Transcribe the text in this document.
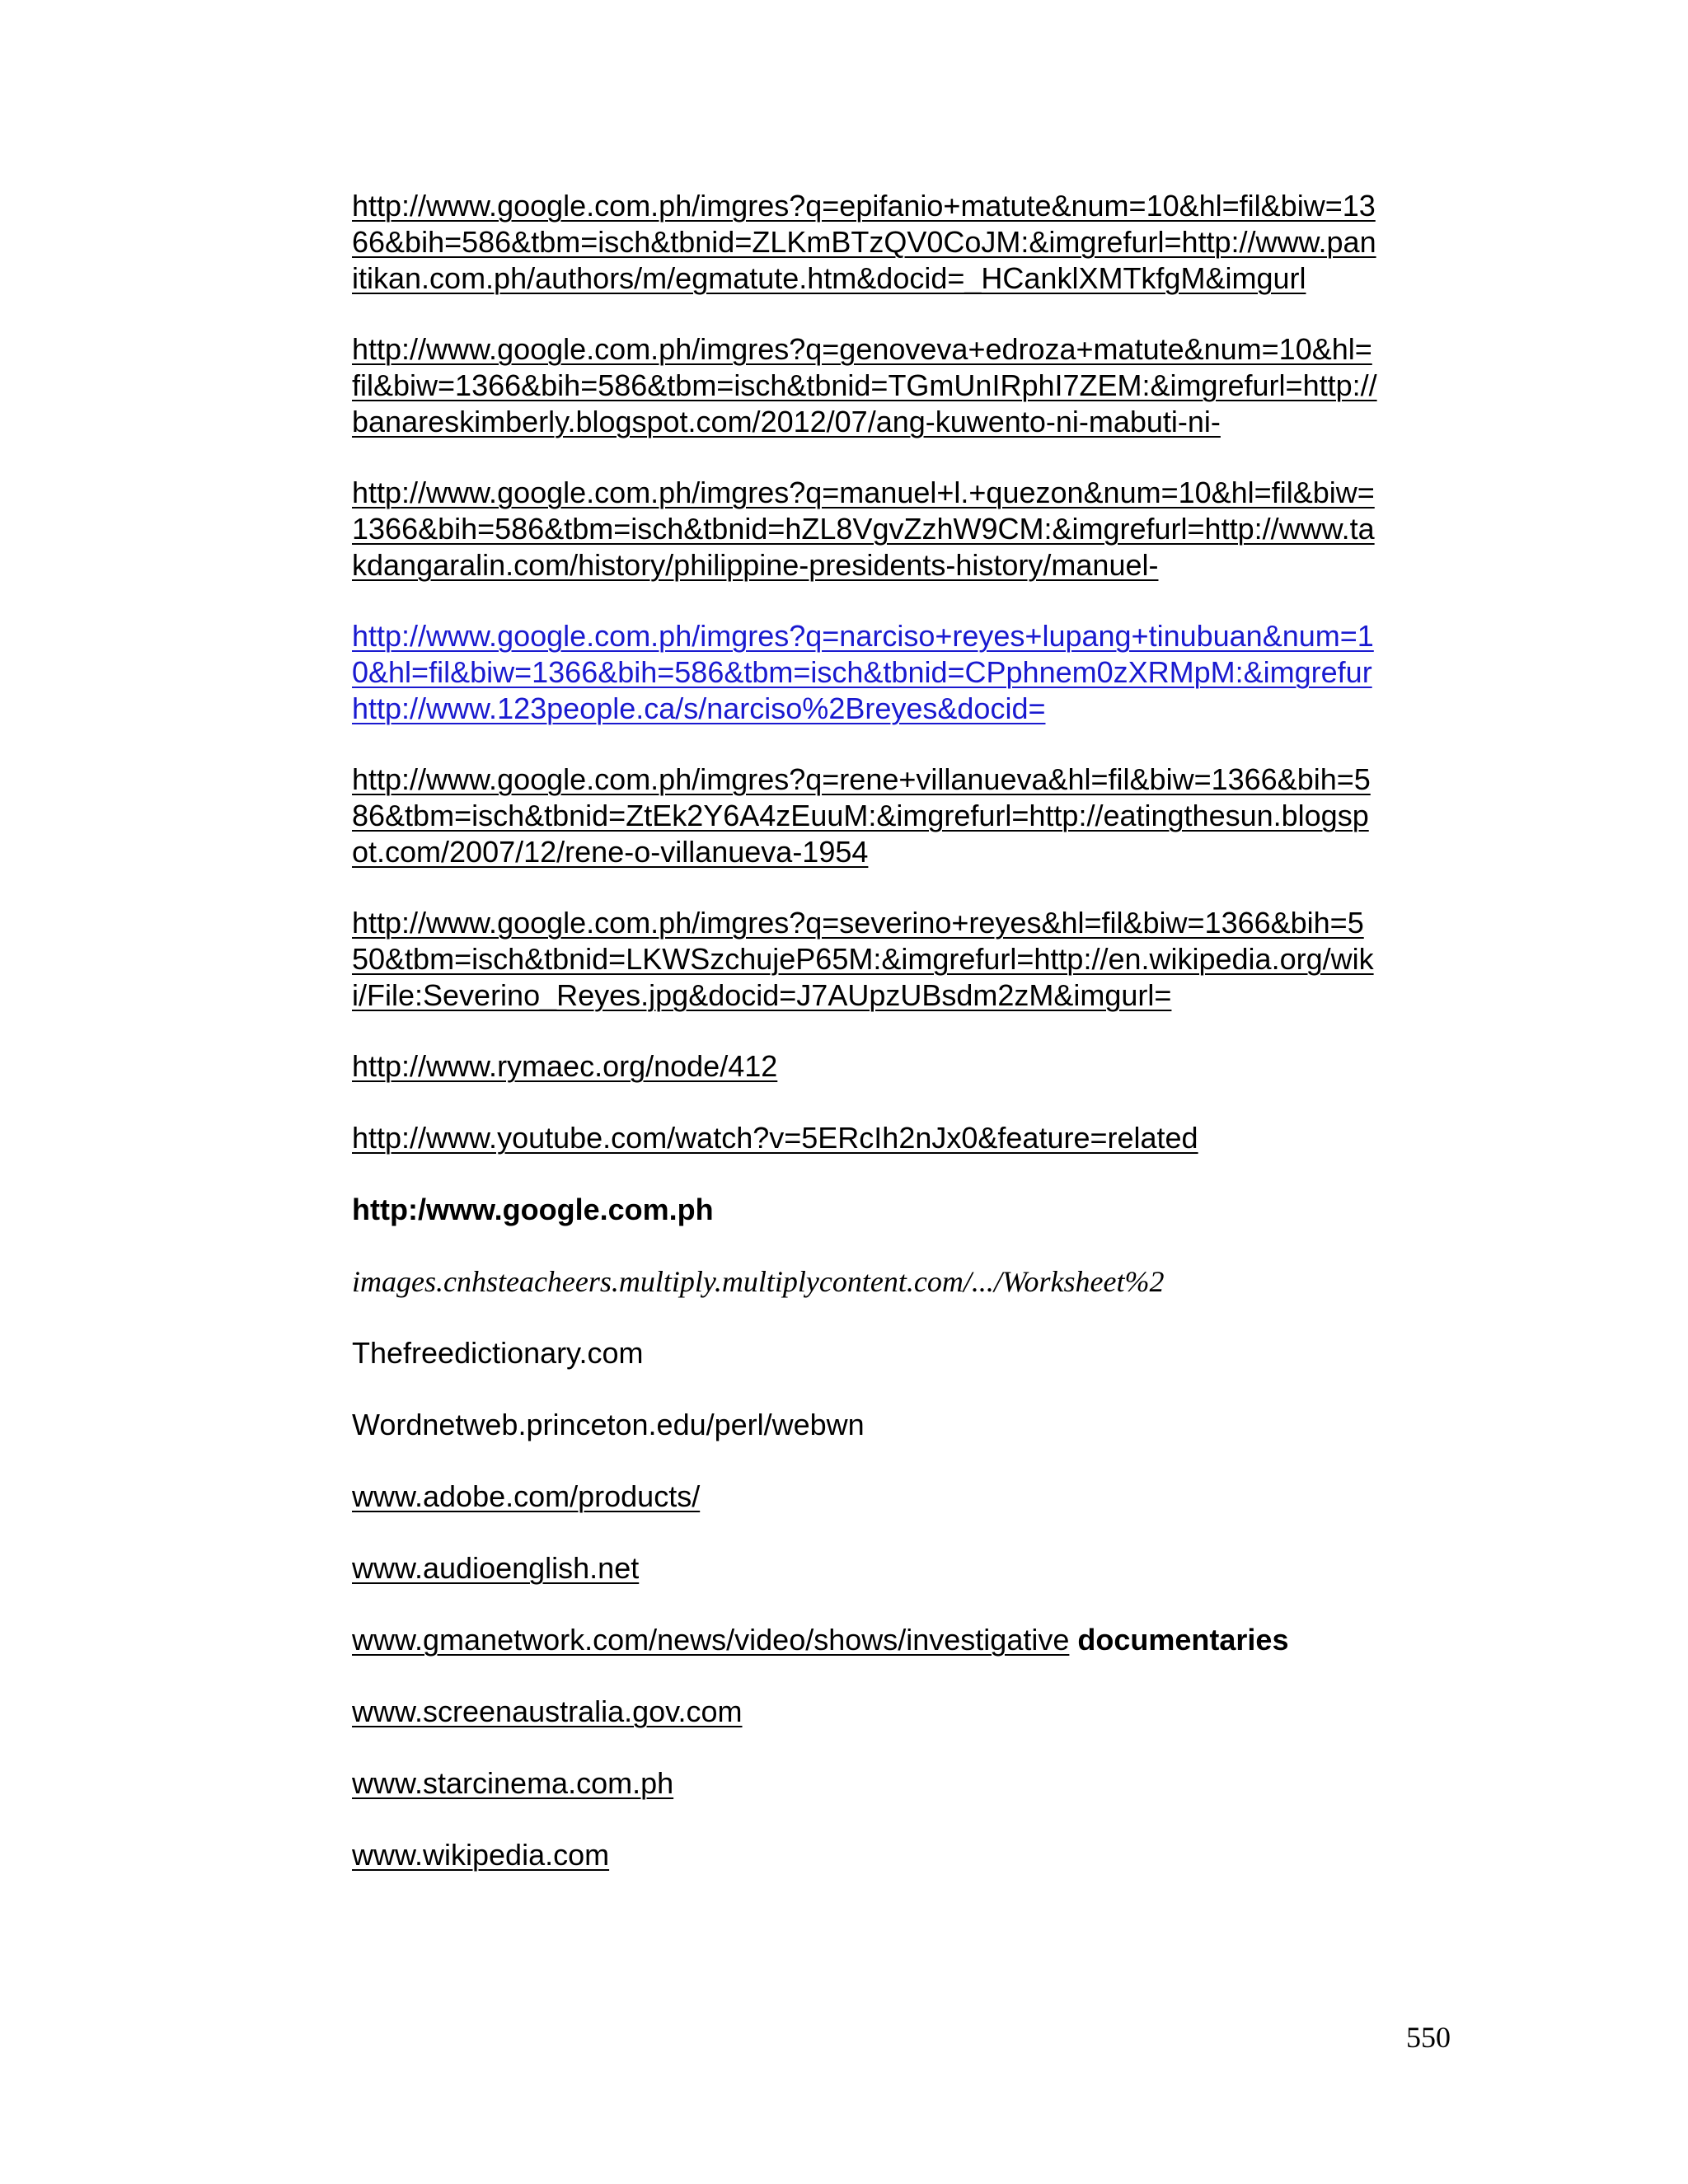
http://www.google.com.ph/imgres?q=epifanio+matute&num=10&hl=fil&biw=13
66&bih=586&tbm=isch&tbnid=ZLKmBTzQV0CoJM:&imgrefurl=http://www.pan
itikan.com.ph/authors/m/egmatute.htm&docid=_HCanklXMTkfgM&imgurl
http://www.google.com.ph/imgres?q=genoveva+edroza+matute&num=10&hl=
fil&biw=1366&bih=586&tbm=isch&tbnid=TGmUnIRphI7ZEM:&imgrefurl=http://
banareskimberly.blogspot.com/2012/07/ang-kuwento-ni-mabuti-ni-
http://www.google.com.ph/imgres?q=manuel+l.+quezon&num=10&hl=fil&biw=
1366&bih=586&tbm=isch&tbnid=hZL8VgvZzhW9CM:&imgrefurl=http://www.ta
kdangaralin.com/history/philippine-presidents-history/manuel-
http://www.google.com.ph/imgres?q=narciso+reyes+lupang+tinubuan&num=1
0&hl=fil&biw=1366&bih=586&tbm=isch&tbnid=CPphnem0zXRMpM:&imgrefur
http://www.123people.ca/s/narciso%2Breyes&docid=
http://www.google.com.ph/imgres?q=rene+villanueva&hl=fil&biw=1366&bih=5
86&tbm=isch&tbnid=ZtEk2Y6A4zEuuM:&imgrefurl=http://eatingthesun.blogsp
ot.com/2007/12/rene-o-villanueva-1954
http://www.google.com.ph/imgres?q=severino+reyes&hl=fil&biw=1366&bih=5
50&tbm=isch&tbnid=LKWSzchujeP65M:&imgrefurl=http://en.wikipedia.org/wik
i/File:Severino_Reyes.jpg&docid=J7AUpzUBsdm2zM&imgurl=
http://www.rymaec.org/node/412
http://www.youtube.com/watch?v=5ERcIh2nJx0&feature=related
http:/www.google.com.ph
images.cnhsteacheers.multiply.multiplycontent.com/.../Worksheet%2
Thefreedictionary.com
Wordnetweb.princeton.edu/perl/webwn
www.adobe.com/products/
www.audioenglish.net
www.gmanetwork.com/news/video/shows/investigative documentaries
www.screenaustralia.gov.com
www.starcinema.com.ph
www.wikipedia.com
550
